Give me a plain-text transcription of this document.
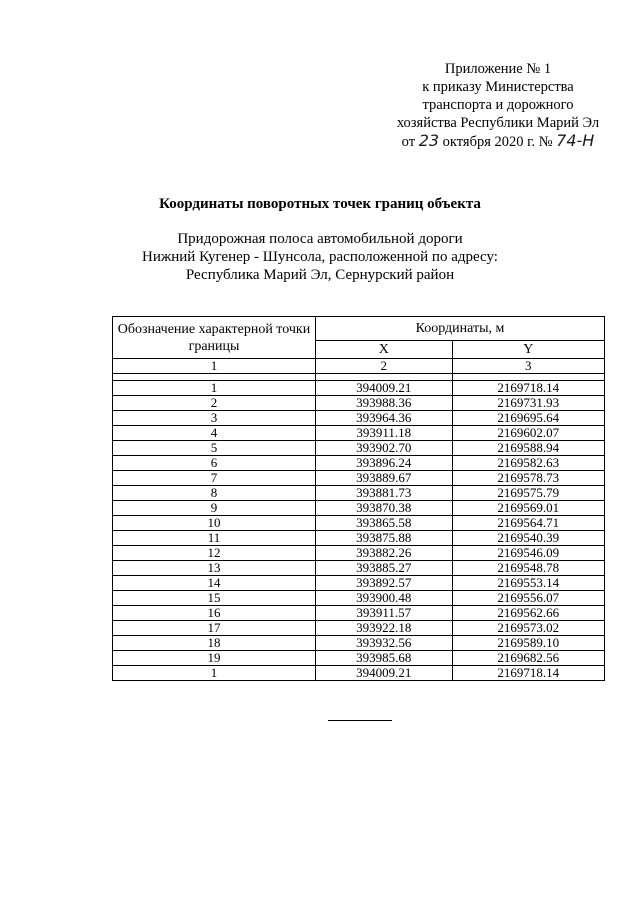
Приложение № 1
к приказу Министерства
транспорта и дорожного
хозяйства Республики Марий Эл
от 23 октября 2020 г. № 74-Н
Координаты поворотных точек границ объекта
Придорожная полоса автомобильной дороги
Нижний Кугенер - Шунсола, расположенной по адресу:
Республика Марий Эл, Сернурский район
Обозначение характерной точки границы	Координаты, м	
	X	Y
1	2	3

1	394009.21	2169718.14
2	393988.36	2169731.93
3	393964.36	2169695.64
4	393911.18	2169602.07
5	393902.70	2169588.94
6	393896.24	2169582.63
7	393889.67	2169578.73
8	393881.73	2169575.79
9	393870.38	2169569.01
10	393865.58	2169564.71
11	393875.88	2169540.39
12	393882.26	2169546.09
13	393885.27	2169548.78
14	393892.57	2169553.14
15	393900.48	2169556.07
16	393911.57	2169562.66
17	393922.18	2169573.02
18	393932.56	2169589.10
19	393985.68	2169682.56
1	394009.21	2169718.14
